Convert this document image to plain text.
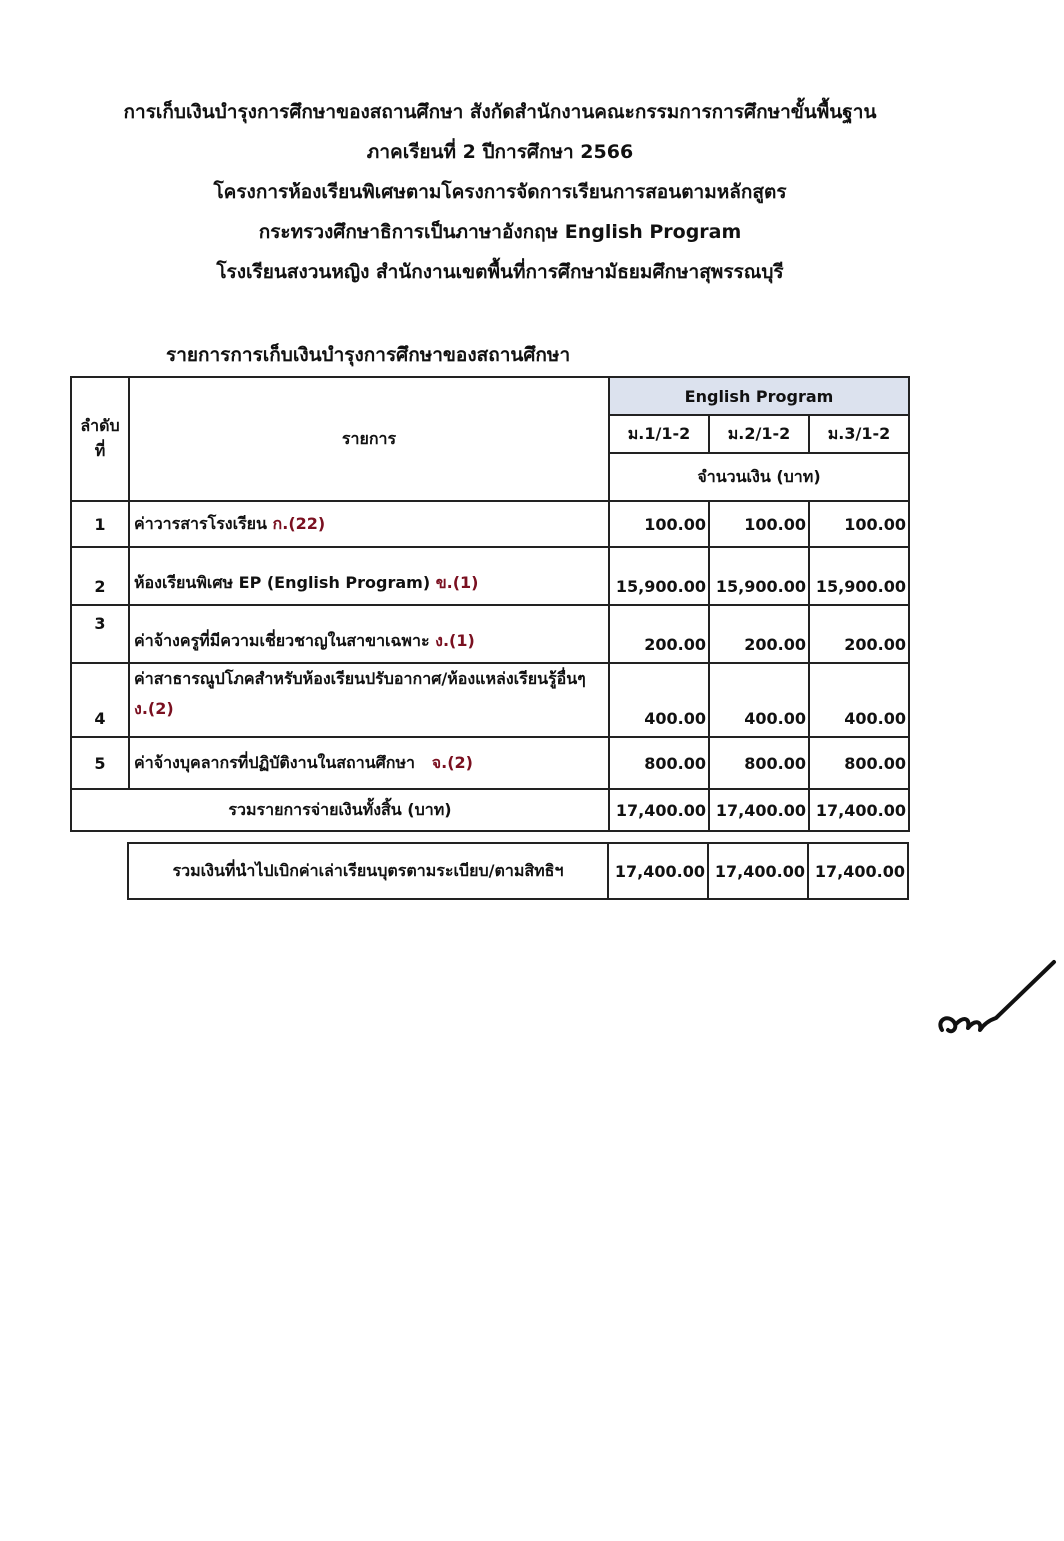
การเก็บเงินบำรุงการศึกษาของสถานศึกษา สังกัดสำนักงานคณะกรรมการการศึกษาขั้นพื้นฐาน
ภาคเรียนที่ 2 ปีการศึกษา 2566
โครงการห้องเรียนพิเศษตามโครงการจัดการเรียนการสอนตามหลักสูตร
กระทรวงศึกษาธิการเป็นภาษาอังกฤษ English Program
โรงเรียนสงวนหญิง สำนักงานเขตพื้นที่การศึกษามัธยมศึกษาสุพรรณบุรี
รายการการเก็บเงินบำรุงการศึกษาของสถานศึกษา
ลำดับ ที่	รายการ	English Program		
		ม.1/1-2	ม.2/1-2	ม.3/1-2
		จำนวนเงิน (บาท)		
1	ค่าวารสารโรงเรียน ก.(22)	100.00	100.00	100.00
2	ห้องเรียนพิเศษ EP (English Program) ข.(1)	15,900.00	15,900.00	15,900.00
3	ค่าจ้างครูที่มีความเชี่ยวชาญในสาขาเฉพาะ ง.(1)	200.00	200.00	200.00
4	ค่าสาธารณูปโภคสำหรับห้องเรียนปรับอากาศ/ห้องแหล่งเรียนรู้อื่นๆ ง.(2)	400.00	400.00	400.00
5	ค่าจ้างบุคลากรที่ปฏิบัติงานในสถานศึกษา จ.(2)	800.00	800.00	800.00
รวมรายการจ่ายเงินทั้งสิ้น (บาท)		17,400.00	17,400.00	17,400.00
รวมเงินที่นำไปเบิกค่าเล่าเรียนบุตรตามระเบียบ/ตามสิทธิฯ	17,400.00	17,400.00	17,400.00
